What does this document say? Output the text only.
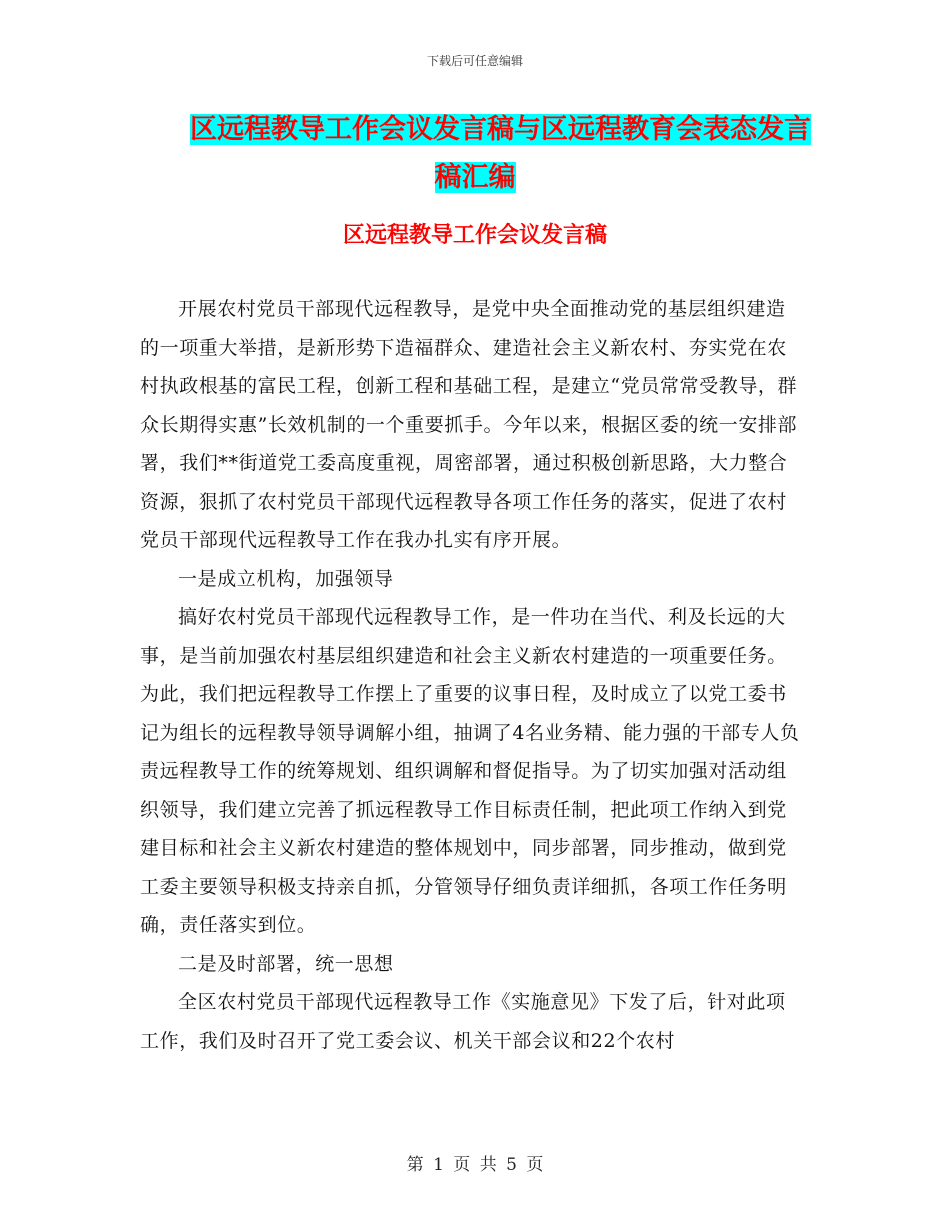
下载后可任意编辑
区远程教导工作会议发言稿与区远程教育会表态发言
稿汇编
区远程教导工作会议发言稿

开展农村党员干部现代远程教导，是党中央全面推动党的基层组织建造的一项重大举措，是新形势下造福群众、建造社会主义新农村、夯实党在农村执政根基的富民工程，创新工程和基础工程，是建立“党员常常受教导，群众长期得实惠”长效机制的一个重要抓手。今年以来，根据区委的统一安排部署，我们**街道党工委高度重视，周密部署，通过积极创新思路，大力整合资源，狠抓了农村党员干部现代远程教导各项工作任务的落实，促进了农村党员干部现代远程教导工作在我办扎实有序开展。

一是成立机构，加强领导

搞好农村党员干部现代远程教导工作，是一件功在当代、利及长远的大事，是当前加强农村基层组织建造和社会主义新农村建造的一项重要任务。为此，我们把远程教导工作摆上了重要的议事日程，及时成立了以党工委书记为组长的远程教导领导调解小组，抽调了4名业务精、能力强的干部专人负责远程教导工作的统筹规划、组织调解和督促指导。为了切实加强对活动组织领导，我们建立完善了抓远程教导工作目标责任制，把此项工作纳入到党建目标和社会主义新农村建造的整体规划中，同步部署，同步推动，做到党工委主要领导积极支持亲自抓，分管领导仔细负责详细抓，各项工作任务明确，责任落实到位。

二是及时部署，统一思想

全区农村党员干部现代远程教导工作《实施意见》下发了后，针对此项工作，我们及时召开了党工委会议、机关干部会议和22个农村

第 1 页 共 5 页
